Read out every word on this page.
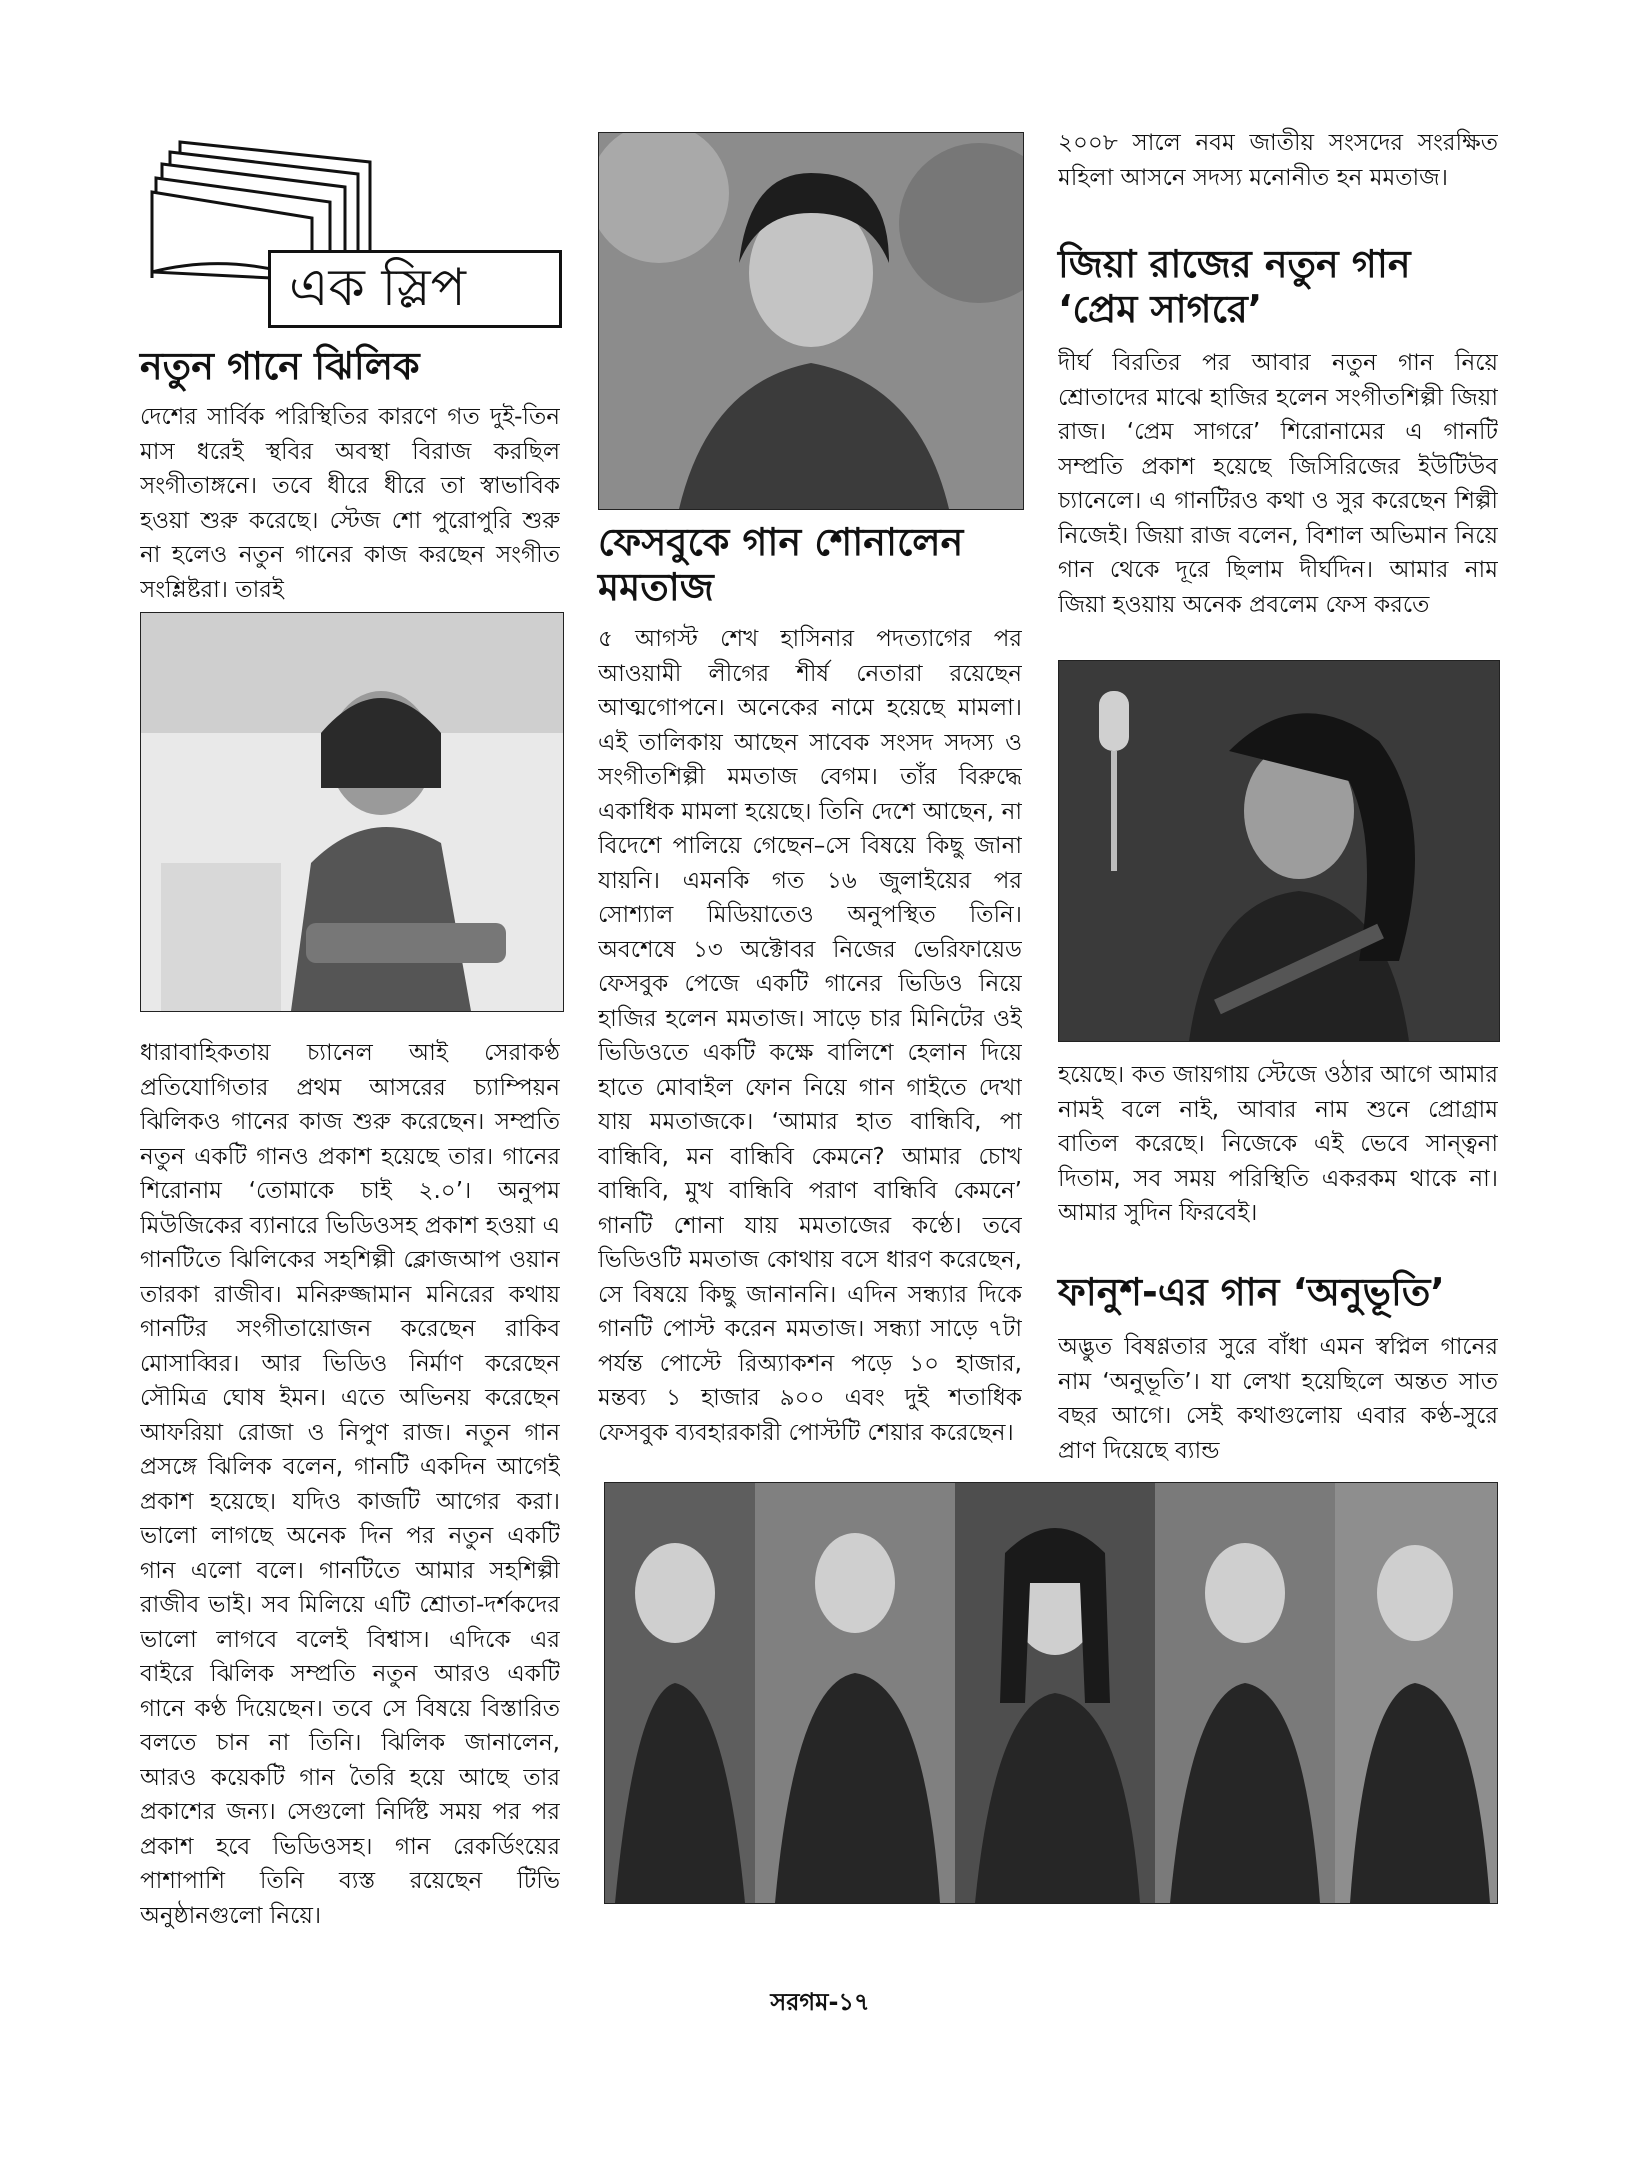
এক স্লিপ
নতুন গানে ঝিলিক

দেশের সার্বিক পরিস্থিতির কারণে গত দুই-তিন মাস ধরেই স্থবির অবস্থা বিরাজ করছিল সংগীতাঙ্গনে। তবে ধীরে ধীরে তা স্বাভাবিক হওয়া শুরু করেছে। স্টেজ শো পুরোপুরি শুরু না হলেও নতুন গানের কাজ করছেন সংগীত সংশ্লিষ্টরা। তারই

ধারাবাহিকতায় চ্যানেল আই সেরাকণ্ঠ প্রতিযোগিতার প্রথম আসরের চ্যাম্পিয়ন ঝিলিকও গানের কাজ শুরু করেছেন। সম্প্রতি নতুন একটি গানও প্রকাশ হয়েছে তার। গানের শিরোনাম ‘তোমাকে চাই ২.০’। অনুপম মিউজিকের ব্যানারে ভিডিওসহ প্রকাশ হওয়া এ গানটিতে ঝিলিকের সহশিল্পী ক্লোজআপ ওয়ান তারকা রাজীব। মনিরুজ্জামান মনিরের কথায় গানটির সংগীতায়োজন করেছেন রাকিব মোসাব্বির। আর ভিডিও নির্মাণ করেছেন সৌমিত্র ঘোষ ইমন। এতে অভিনয় করেছেন আফরিয়া রোজা ও নিপুণ রাজ। নতুন গান প্রসঙ্গে ঝিলিক বলেন, গানটি একদিন আগেই প্রকাশ হয়েছে। যদিও কাজটি আগের করা। ভালো লাগছে অনেক দিন পর নতুন একটি গান এলো বলে। গানটিতে আমার সহশিল্পী রাজীব ভাই। সব মিলিয়ে এটি শ্রোতা-দর্শকদের ভালো লাগবে বলেই বিশ্বাস। এদিকে এর বাইরে ঝিলিক সম্প্রতি নতুন আরও একটি গানে কণ্ঠ দিয়েছেন। তবে সে বিষয়ে বিস্তারিত বলতে চান না তিনি। ঝিলিক জানালেন, আরও কয়েকটি গান তৈরি হয়ে আছে তার প্রকাশের জন্য। সেগুলো নির্দিষ্ট সময় পর পর প্রকাশ হবে ভিডিওসহ। গান রেকর্ডিংয়ের পাশাপাশি তিনি ব্যস্ত রয়েছেন টিভি অনুষ্ঠানগুলো নিয়ে।

ফেসবুকে গান শোনালেন মমতাজ

৫ আগস্ট শেখ হাসিনার পদত্যাগের পর আওয়ামী লীগের শীর্ষ নেতারা রয়েছেন আত্মগোপনে। অনেকের নামে হয়েছে মামলা। এই তালিকায় আছেন সাবেক সংসদ সদস্য ও সংগীতশিল্পী মমতাজ বেগম। তাঁর বিরুদ্ধে একাধিক মামলা হয়েছে। তিনি দেশে আছেন, না বিদেশে পালিয়ে গেছেন–সে বিষয়ে কিছু জানা যায়নি। এমনকি গত ১৬ জুলাইয়ের পর সোশ্যাল মিডিয়াতেও অনুপস্থিত তিনি। অবশেষে ১৩ অক্টোবর নিজের ভেরিফায়েড ফেসবুক পেজে একটি গানের ভিডিও নিয়ে হাজির হলেন মমতাজ। সাড়ে চার মিনিটের ওই ভিডিওতে একটি কক্ষে বালিশে হেলান দিয়ে হাতে মোবাইল ফোন নিয়ে গান গাইতে দেখা যায় মমতাজকে। ‘আমার হাত বান্ধিবি, পা বান্ধিবি, মন বান্ধিবি কেমনে? আমার চোখ বান্ধিবি, মুখ বান্ধিবি পরাণ বান্ধিবি কেমনে’ গানটি শোনা যায় মমতাজের কণ্ঠে। তবে ভিডিওটি মমতাজ কোথায় বসে ধারণ করেছেন, সে বিষয়ে কিছু জানাননি। এদিন সন্ধ্যার দিকে গানটি পোস্ট করেন মমতাজ। সন্ধ্যা সাড়ে ৭টা পর্যন্ত পোস্টে রিঅ্যাকশন পড়ে ১০ হাজার, মন্তব্য ১ হাজার ৯০০ এবং দুই শতাধিক ফেসবুক ব্যবহারকারী পোস্টটি শেয়ার করেছেন।

২০০৮ সালে নবম জাতীয় সংসদের সংরক্ষিত মহিলা আসনে সদস্য মনোনীত হন মমতাজ।

জিয়া রাজের নতুন গান ‘প্রেম সাগরে’

দীর্ঘ বিরতির পর আবার নতুন গান নিয়ে শ্রোতাদের মাঝে হাজির হলেন সংগীতশিল্পী জিয়া রাজ। ‘প্রেম সাগরে’ শিরোনামের এ গানটি সম্প্রতি প্রকাশ হয়েছে জিসিরিজের ইউটিউব চ্যানেলে। এ গানটিরও কথা ও সুর করেছেন শিল্পী নিজেই। জিয়া রাজ বলেন, বিশাল অভিমান নিয়ে গান থেকে দূরে ছিলাম দীর্ঘদিন। আমার নাম জিয়া হওয়ায় অনেক প্রবলেম ফেস করতে

হয়েছে। কত জায়গায় স্টেজে ওঠার আগে আমার নামই বলে নাই, আবার নাম শুনে প্রোগ্রাম বাতিল করেছে। নিজেকে এই ভেবে সান্ত্বনা দিতাম, সব সময় পরিস্থিতি একরকম থাকে না। আমার সুদিন ফিরবেই।

ফানুশ-এর গান ‘অনুভূতি’

অদ্ভুত বিষণ্ণতার সুরে বাঁধা এমন স্বপ্নিল গানের নাম ‘অনুভূতি’। যা লেখা হয়েছিলে অন্তত সাত বছর আগে। সেই কথাগুলোয় এবার কণ্ঠ-সুরে প্রাণ দিয়েছে ব্যান্ড

সরগম-১৭
